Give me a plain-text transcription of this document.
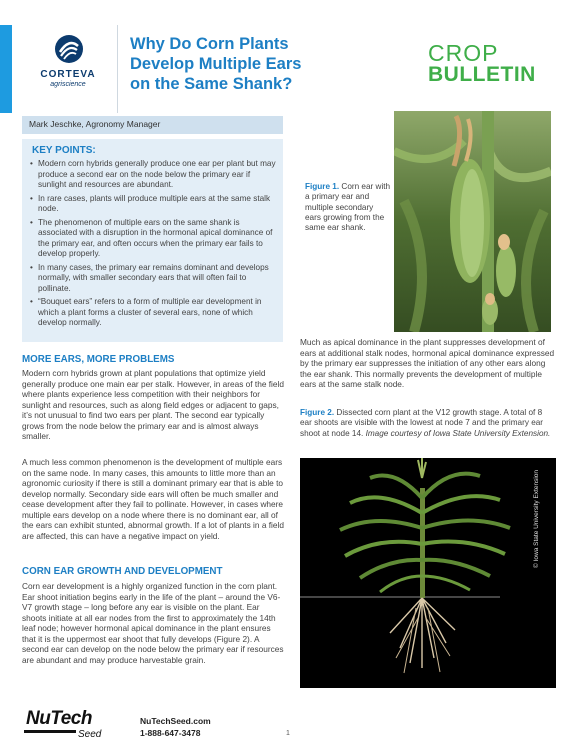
CORTEVA
agriscience
Why Do Corn Plants
Develop Multiple Ears
on the Same Shank?
CROP
BULLETIN
Mark Jeschke, Agronomy Manager
KEY POINTS:
• Modern corn hybrids generally produce one ear per plant but may produce a second ear on the node below the primary ear if sunlight and resources are abundant.
• In rare cases, plants will produce multiple ears at the same stalk node.
• The phenomenon of multiple ears on the same shank is associated with a disruption in the hormonal apical dominance of the primary ear, and often occurs when the primary ear fails to develop properly.
• In many cases, the primary ear remains dominant and develops normally, with smaller secondary ears that will often fail to pollinate.
• “Bouquet ears” refers to a form of multiple ear development in which a plant forms a cluster of several ears, none of which develop normally.
MORE EARS, MORE PROBLEMS
Modern corn hybrids grown at plant populations that optimize yield generally produce one main ear per stalk. However, in areas of the field where plants experience less competition with their neighbors for sunlight and resources, such as along field edges or adjacent to gaps, it’s not unusual to find two ears per plant. The second ear typically grows from the node below the primary ear and is almost always smaller.
A much less common phenomenon is the development of multiple ears on the same node. In many cases, this amounts to little more than an agronomic curiosity if there is still a dominant primary ear that is able to develop normally. Secondary side ears will often be much smaller and cease development after they fail to pollinate. However, in cases where multiple ears develop on a node where there is no dominant ear, all of the ears can exhibit stunted, abnormal growth. If a lot of plants in a field are affected, this can have a negative impact on yield.
CORN EAR GROWTH AND DEVELOPMENT
Corn ear development is a highly organized function in the corn plant. Ear shoot initiation begins early in the life of the plant – around the V6-V7 growth stage – long before any ear is visible on the plant. Ear shoots initiate at all ear nodes from the first to approximately the 14th leaf node; however hormonal apical dominance in the plant ensures that it is the uppermost ear shoot that fully develops (Figure 2). A second ear can develop on the node below the primary ear if resources are abundant and may produce harvestable grain.
Figure 1. Corn ear with a primary ear and multiple secondary ears growing from the same ear shank.
Much as apical dominance in the plant suppresses development of ears at additional stalk nodes, hormonal apical dominance expressed by the primary ear suppresses the initiation of any other ears along the ear shank. This normally prevents the development of multiple ears at the same stalk node.
Figure 2. Dissected corn plant at the V12 growth stage. A total of 8 ear shoots are visible with the lowest at node 7 and the primary ear shoot at node 14. Image courtesy of Iowa State University Extension.
© Iowa State University Extension
NuTech
Seed
NuTechSeed.com
1-888-647-3478	1
